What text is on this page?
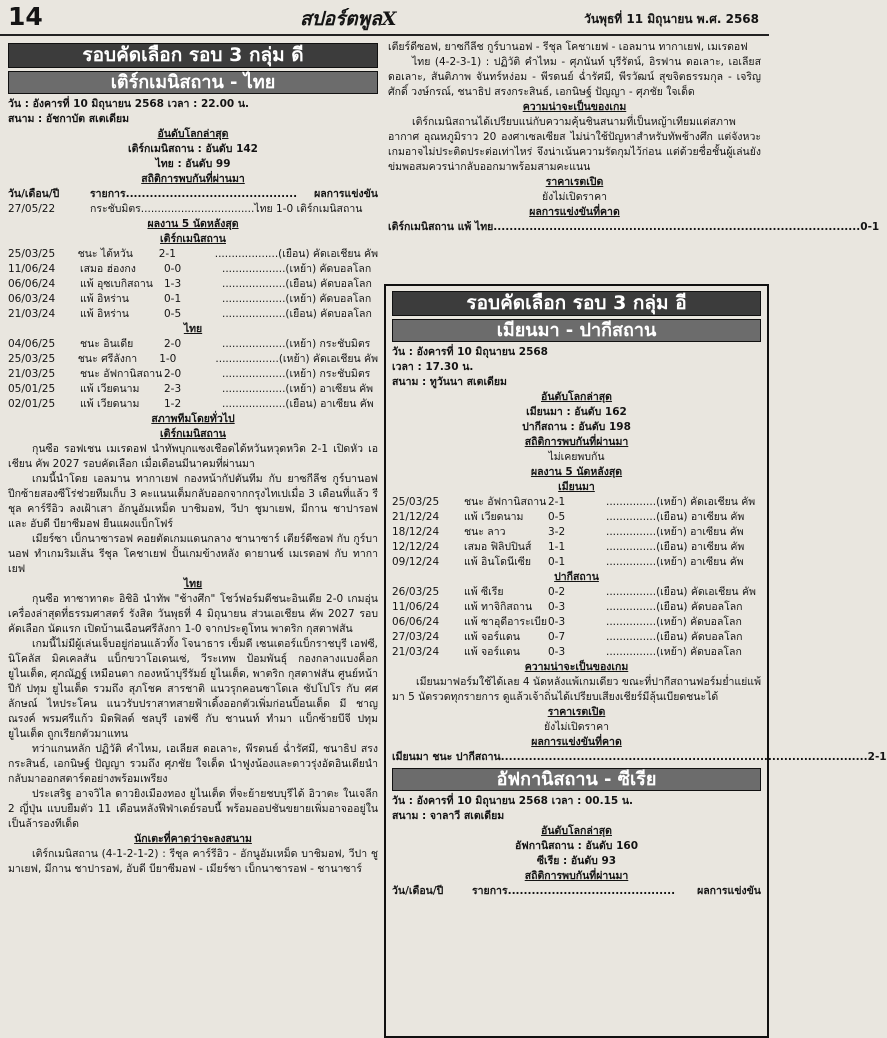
14	สปอร์ตพูลX	วันพุธที่ 11 มิถุนายน พ.ศ. 2568
รอบคัดเลือก รอบ 3 กลุ่ม ดี
เติร์กเมนิสถาน - ไทย
วัน : อังคารที่ 10 มิถุนายน 2568 เวลา : 22.00 น.
สนาม : อัชกาบัต สเตเดียม
อันดับโลกล่าสุด
เติร์กเมนิสถาน : อันดับ 142
ไทย : อันดับ 99
สถิติการพบกันที่ผ่านมา
วัน/เดือน/ปี	รายการ...........................................	ผลการแข่งขัน
27/05/22	กระชับมิตร..................................ไทย 1-0 เติร์กเมนิสถาน
ผลงาน 5 นัดหลังสุด
เติร์กเมนิสถาน
25/03/25	ชนะ ไต้หวัน	2-1	...................(เยือน) คัดเอเชียน คัพ
11/06/24	เสมอ ฮ่องกง	0-0	...................(เหย้า) คัดบอลโลก
06/06/24	แพ้ อุซเบกิสถาน	1-3	...................(เยือน) คัดบอลโลก
06/03/24	แพ้ อิหร่าน	0-1	...................(เหย้า) คัดบอลโลก
21/03/24	แพ้ อิหร่าน	0-5	...................(เยือน) คัดบอลโลก
ไทย
04/06/25	ชนะ อินเดีย	2-0	...................(เหย้า) กระชับมิตร
25/03/25	ชนะ ศรีลังกา	1-0	...................(เหย้า) คัดเอเชียน คัพ
21/03/25	ชนะ อัฟกานิสถาน 2-0	...................(เหย้า) กระชับมิตร
05/01/25	แพ้ เวียดนาม	2-3	...................(เหย้า) อาเซียน คัพ
02/01/25	แพ้ เวียดนาม	1-2	...................(เยือน) อาเซียน คัพ
สภาพทีมโดยทั่วไป
เติร์กเมนิสถาน

กุนซือ รอฟเชน เมเรดอฟ นำทัพบุกแซงเชือดได้หวันหวุดหวิด 2-1 เปิดหัว เอเชียน คัพ 2027 รอบคัดเลือก เมื่อเดือนมีนาคมที่ผ่านมา

เกมนี้นำโดย เอลมาน ทากาเยฟ กองหน้ากัปตันทีม กับ ยาซกีลีช กูร์บานอฟ ปีกซ้ายสองซีโร่ช่วยทีมเก็บ 3 คะแนนเต็มกลับออกจากกรุงไทเปเมื่อ 3 เดือนที่แล้ว รีชุล คาร์รีอิว ลงเฝ้าเสา อักนูอัมเหม็ด บาชิมอฟ, วีปา ชูมาเยฟ, มีกาน ชาปารอฟ และ อับดี บียาซีมอฟ ยืนแผงแบ็กโฟร์

เมียร์ซา เบ็กนาซารอฟ คอยตัดเกมแดนกลาง ชานาซาร์ เตียร์ดีซอฟ กับ กูร์บานอฟ ทำเกมริมเส้น รีชุล โคชาเยฟ ปั้นเกมข้างหลัง ดายานซ์ เมเรดอฟ กับ ทากาเยฟ

ไทย

กุนซือ ทาซาทาตะ อิชิอิ นำทัพ "ช้างศึก" โชว์ฟอร์มดีชนะอินเดีย 2-0 เกมอุ่นเครื่องล่าสุดที่ธรรมศาสตร์ รังสิต วันพุธที่ 4 มิถุนายน ส่วนเอเชียน คัพ 2027 รอบคัดเลือก นัดแรก เปิดบ้านเฉือนศรีลังกา 1-0 จากประตูโทน พาตริก กุสตาฟสัน

เกมนี้ไม่มีผู้เล่นเจ็บอยู่ก่อนแล้วทั้ง โจนาธาร เข็มดี เซนเตอร์แบ็กราชบุรี เอฟซี, นิโคลัส มิคเคลสัน แบ็กขวาโอเดนเซ่, วีระเทพ ป้อมพันธุ์ กองกลางแบงค็อก ยูไนเต็ด, ศุภณัฏฐ์ เหมือนตา กองหน้าบุรีรัมย์ ยูไนเต็ด, พาตริก กุสตาฟสัน ศูนย์หน้าปีกั ปทุม ยูไนเต็ด รวมถึง สุภโชค สารชาติ แนวรุกคอนซาโดเล ซัปโปโร กับ ศศลักษณ์ ไหประโคน แนวรับปราสาทสายฟ้าเดิ้งออกตัวเพิ่มก่อนปิ้อนเต็ด มี ชาญณรงค์ พรมศรีแก้ว มิดฟิลด์ ชลบุรี เอฟซี กับ ชานนท์ ทำมา แบ็กซ้ายบีจี ปทุม ยูไนเต็ด ถูกเรียกตัวมาแทน

ทว่าแกนหลัก ปฏิวัติ คำไหม, เอเลียส ดอเลาะ, พีรดนย์ ฉ่ำรัศมี, ชนาธิป สรงกระสินธ์, เอกนิษฐ์ ปัญญา รวมถึง ศุภชัย ใจเด็ด นำฟูงน้องและดาวรุ่งอัดอินเดียนำกลับมาออกสตาร์ตอย่างพร้อมเพรียง

ประเสริฐ อาจวิไล ดาวยิงเมืองทอง ยูไนเต็ด ที่จะย้ายชบบุรีได้ อิวาตะ ในเจลีก 2 ญี่ปุ่น แบบยืมตัว 11 เดือนหลังฟีฟ่าเดย์รอบนี้ พร้อมออปชันขยายเพิ่มอาจออยู่ในเป็นล้ารองทีเด็ด

นักเตะที่คาดว่าจะลงสนาม

เติร์กเมนิสถาน (4-1-2-1-2) : รีชุล คาร์รีอิว - อักนูอัมเหม็ด บาชิมอฟ, วีปา ชูมาเยฟ, มีกาน ชาปารอฟ, อับดี บียาซีมอฟ - เมียร์ซา เบ็กนาซารอฟ - ชานาซาร์

เตียร์ดีซอฟ, ยาซกีลีช กูร์บานอฟ - รีชุล โคชาเยฟ - เอลมาน ทากาเยฟ, เมเรดอฟ

ไทย (4-2-3-1) : ปฏิวัติ คำไหม - ศุภนันท์ บุรีรัตน์, อิรฟาน ดอเลาะ, เอเลียส ดอเลาะ, สันติภาพ จันทร์หง่อม - พีรดนย์ ฉ่ำรัศมี, พีรวัฒน์ สุขจิตธรรมกุล - เจริญศักดิ์ วงษ์กรณ์, ชนาธิป สรงกระสินธ์, เอกนิษฐ์ ปัญญา - ศุภชัย ใจเด็ด

ความน่าจะเป็นของเกม

เติร์กเมนิสถานได้เปรียบแน่กับความคุ้นชินสนามที่เป็นหญ้าเทียมแต่สภาพอากาศ อุณหภูมิราว 20 องศาเซลเซียส ไม่น่าใช้ปัญหาสำหรับทัพช้างศึก แต่จังหวะเกมอาจไม่ประติดประต่อเท่าไหร่ จึงน่าเน้นความรัดกุมไว้ก่อน แต่ด้วยชื่อชั้นผู้เล่นยังข่มพอสมควรน่ากลับออกมาพร้อมสามคะแนน

ราคาเรตเปิด
ยังไม่เปิดราคา
ผลการแข่งขันที่คาด
เติร์กเมนิสถาน แพ้ ไทย ............................................................................................ 0-1
รอบคัดเลือก รอบ 3 กลุ่ม อี
เมียนมา - ปากีสถาน
วัน : อังคารที่ 10 มิถุนายน 2568
เวลา : 17.30 น.
สนาม : ทูวันนา สเตเดียม
อันดับโลกล่าสุด
เมียนมา : อันดับ 162
ปากีสถาน : อันดับ 198
สถิติการพบกันที่ผ่านมา
ไม่เคยพบกัน
ผลงาน 5 นัดหลังสุด
เมียนมา
25/03/25	ชนะ อัฟกานิสถาน 2-1	...............(เหย้า) คัดเอเชียน คัพ
21/12/24	แพ้ เวียดนาม	0-5	...............(เยือน) อาเซียน คัพ
18/12/24	ชนะ ลาว	3-2	...............(เหย้า) อาเซียน คัพ
12/12/24	เสมอ ฟิลิปปินส์	1-1	...............(เยือน) อาเซียน คัพ
09/12/24	แพ้ อินโดนีเซีย	0-1	...............(เหย้า) อาเซียน คัพ
ปากีสถาน
26/03/25	แพ้ ซีเรีย	0-2	...............(เยือน) คัดเอเชียน คัพ
11/06/24	แพ้ ทาจิกิสถาน	0-3	...............(เยือน) คัดบอลโลก
06/06/24	แพ้ ซาอุดีอาระเบีย 0-3	...............(เหย้า) คัดบอลโลก
27/03/24	แพ้ จอร์แดน	0-7	...............(เยือน) คัดบอลโลก
21/03/24	แพ้ จอร์แดน	0-3	...............(เหย้า) คัดบอลโลก
ความน่าจะเป็นของเกม

เมียนมาฟอร์มใช้ได้เลย 4 นัดหลังแพ้เกมเดียว ขณะที่ปากีสถานฟอร์มย่ำแย่แพ้มา 5 นัดรวดทุกรายการ ดูแล้วเจ้าถิ่นได้เปรียบเสียงเชียร์มีลุ้นเบียดชนะได้

ราคาเรตเปิด
ยังไม่เปิดราคา
ผลการแข่งขันที่คาด
เมียนมา ชนะ ปากีสถาน ............................................................................................ 2-1
อัฟกานิสถาน - ซีเรีย
วัน : อังคารที่ 10 มิถุนายน 2568 เวลา : 00.15 น.
สนาม : จาลาวี สเตเดียม
อันดับโลกล่าสุด
อัฟกานิสถาน : อันดับ 160
ซีเรีย : อันดับ 93
สถิติการพบกันที่ผ่านมา
วัน/เดือน/ปี	รายการ..........................................	ผลการแข่งขัน
